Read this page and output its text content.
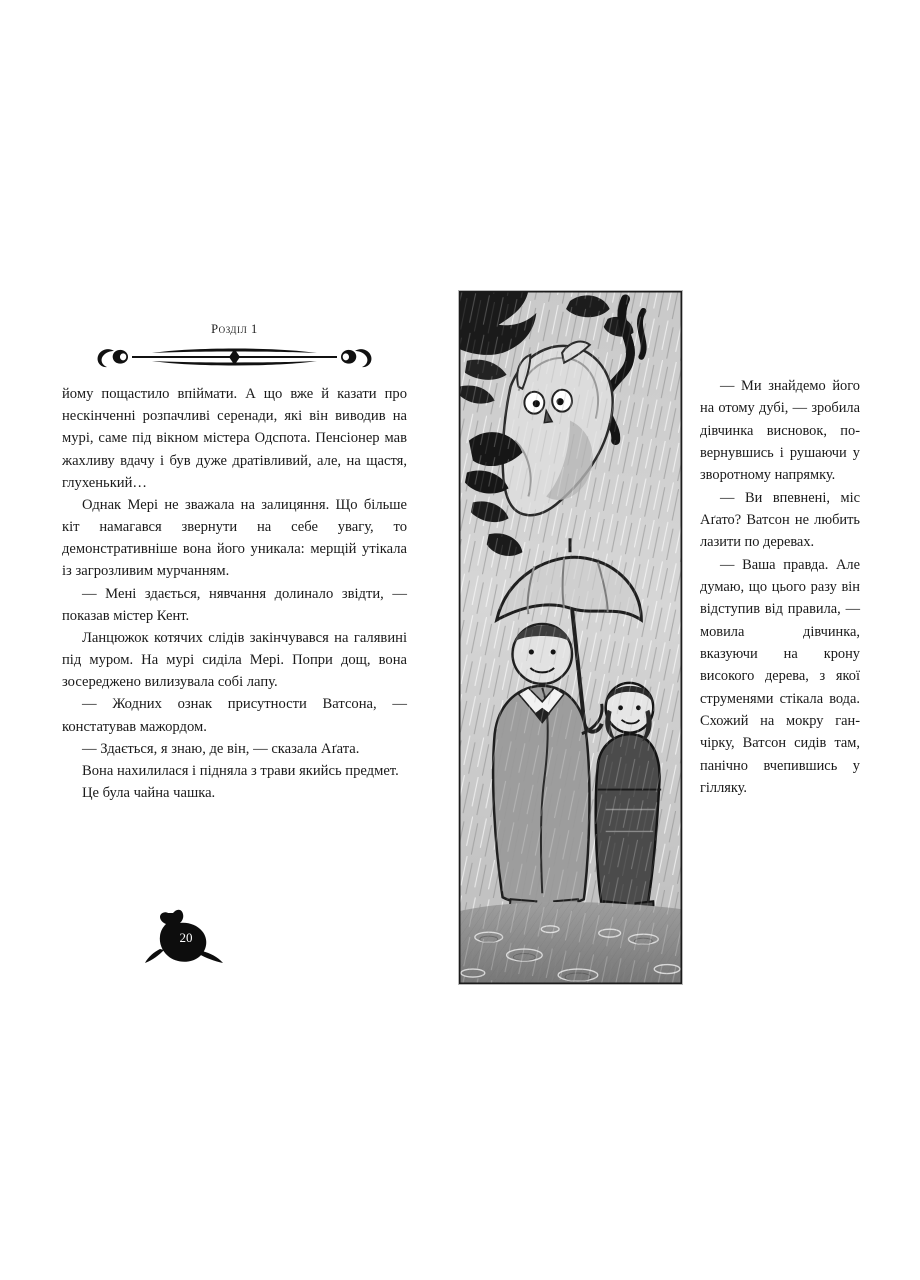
Розділ 1

йому пощастило впіймати. А що вже й казати про нескінченні розпачливі серенади, які він виводив на мурі, саме під вікном містера Одспота. Пенсіонер мав жахливу вдачу і був дуже дратівливий, але, на щастя, глухенький…

Однак Мері не зважала на залицяння. Що більше кіт намагався звернути на себе увагу, то демонстративніше вона його уникала: мерщій утікала із загрозливим мурчанням.

— Мені здається, нявчання долинало звідти, — показав містер Кент.

Ланцюжок котячих слідів закінчувався на галявині під муром. На мурі сиділа Мері. Попри дощ, вона зосереджено вилизувала собі лапу.

— Жодних ознак присутности Ватсона, — констатував мажордом.

— Здається, я знаю, де він, — сказала Аґата.

Вона нахилилася і підняла з трави якийсь предмет.

Це була чайна чашка.

20

— Ми знайдемо його на отому дубі, — зробила дівчинка висновок, повернувшись і рушаючи у зворотному напрямку.

— Ви впевнені, міс Аґато? Ватсон не любить лазити по деревах.

— Ваша правда. Але думаю, що цього разу він відступив від правила, — мовила дівчинка, вказуючи на крону високого дерева, з якої струменями стікала вода. Схожий на мокру ганчірку, Ватсон сидів там, панічно вчепившись у гілляку.
